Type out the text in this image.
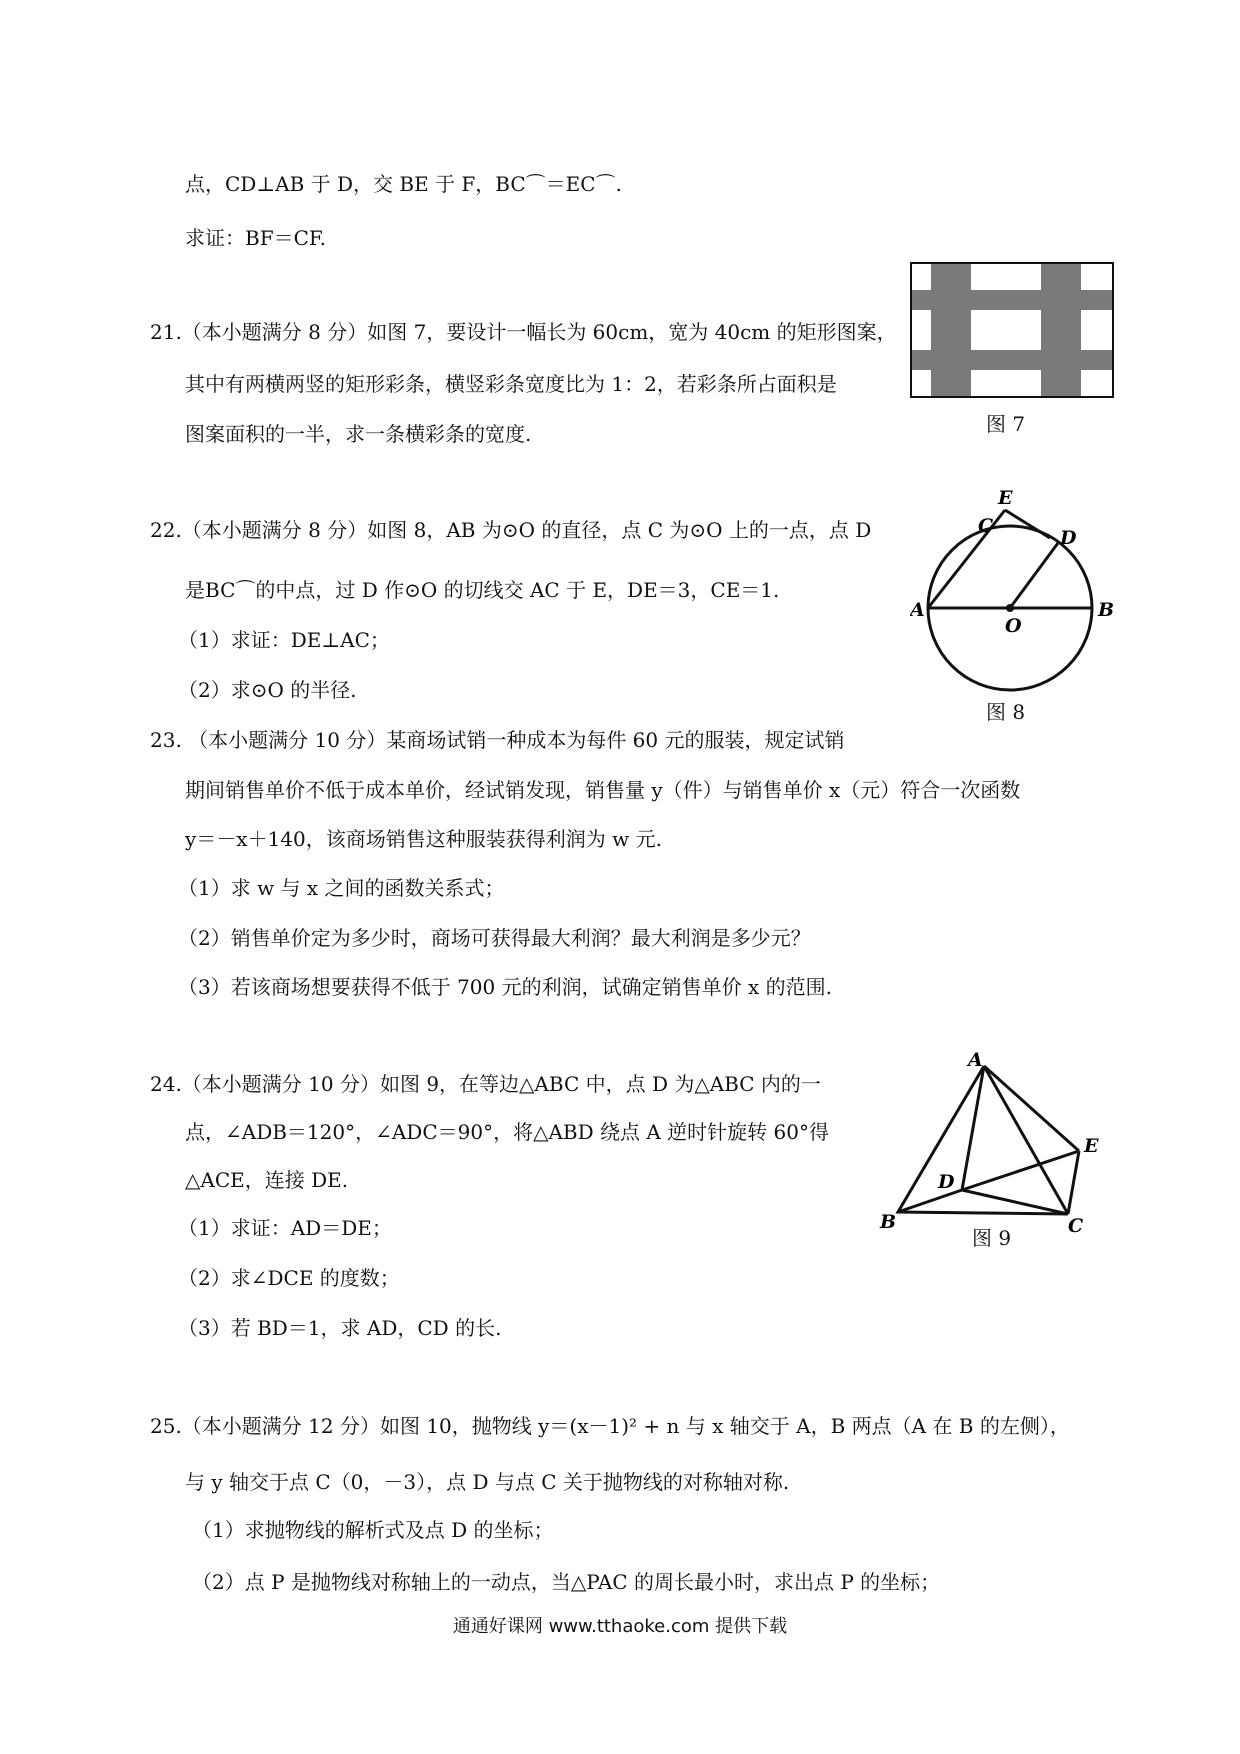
点，CD⊥AB 于 D，交 BE 于 F，BC⌒＝EC⌒.
求证：BF＝CF.
21.（本小题满分 8 分）如图 7，要设计一幅长为 60cm，宽为 40cm 的矩形图案，
其中有两横两竖的矩形彩条，横竖彩条宽度比为 1：2，若彩条所占面积是
图案面积的一半，求一条横彩条的宽度.
22.（本小题满分 8 分）如图 8，AB 为⊙O 的直径，点 C 为⊙O 上的一点，点 D
是BC⌒的中点，过 D 作⊙O 的切线交 AC 于 E，DE＝3，CE＝1.
（1）求证：DE⊥AC；
（2）求⊙O 的半径.
23. （本小题满分 10 分）某商场试销一种成本为每件 60 元的服装，规定试销
期间销售单价不低于成本单价，经试销发现，销售量 y（件）与销售单价 x（元）符合一次函数
y＝－x＋140，该商场销售这种服装获得利润为 w 元.
（1）求 w 与 x 之间的函数关系式；
（2）销售单价定为多少时，商场可获得最大利润？最大利润是多少元？
（3）若该商场想要获得不低于 700 元的利润，试确定销售单价 x 的范围.
24.（本小题满分 10 分）如图 9，在等边△ABC 中，点 D 为△ABC 内的一
点，∠ADB＝120°，∠ADC＝90°，将△ABD 绕点 A 逆时针旋转 60°得
△ACE，连接 DE.
（1）求证：AD＝DE；
（2）求∠DCE 的度数；
（3）若 BD＝1，求 AD，CD 的长.
25.（本小题满分 12 分）如图 10，抛物线 y＝(x－1)² + n 与 x 轴交于 A，B 两点（A 在 B 的左侧），
与 y 轴交于点 C（0，－3），点 D 与点 C 关于抛物线的对称轴对称.
（1）求抛物线的解析式及点 D 的坐标；
（2）点 P 是抛物线对称轴上的一动点，当△PAC 的周长最小时，求出点 P 的坐标；
图 7
E
C
D
A
O
B
图 8
A
E
D
B	C
图 9
通通好课网 www.tthaoke.com 提供下载
